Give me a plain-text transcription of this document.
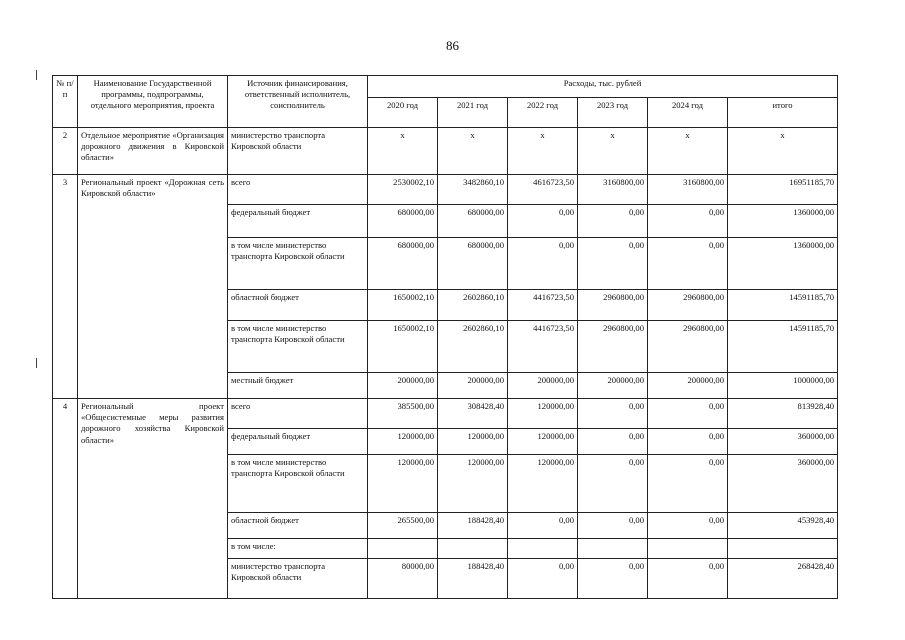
86
№ п/п	Наименование Государственной программы, подпрограммы, отдельного мероприятия, проекта	Источник финансирования, ответственный исполнитель, соисполнитель	Расходы, тыс. рублей					
			2020 год	2021 год	2022 год	2023 год	2024 год	итого
2	Отдельное мероприятие «Организация дорожного движения в Кировской области»	министерство транспорта Кировской области	х	х	х	х	х	х
3	Региональный проект «Дорожная сеть Кировской области»	всего	2530002,10	3482860,10	4616723,50	3160800,00	3160800,00	16951185,70
		федеральный бюджет	680000,00	680000,00	0,00	0,00	0,00	1360000,00
		в том числе министерство транспорта Кировской области	680000,00	680000,00	0,00	0,00	0,00	1360000,00
		областной бюджет	1650002,10	2602860,10	4416723,50	2960800,00	2960800,00	14591185,70
		в том числе министерство транспорта Кировской области	1650002,10	2602860,10	4416723,50	2960800,00	2960800,00	14591185,70
		местный бюджет	200000,00	200000,00	200000,00	200000,00	200000,00	1000000,00
4	Региональный проект «Общесистемные меры развития дорожного хозяйства Кировской области»	всего	385500,00	308428,40	120000,00	0,00	0,00	813928,40
		федеральный бюджет	120000,00	120000,00	120000,00	0,00	0,00	360000,00
		в том числе министерство транспорта Кировской области	120000,00	120000,00	120000,00	0,00	0,00	360000,00
		областной бюджет	265500,00	188428,40	0,00	0,00	0,00	453928,40
		в том числе:						
		министерство транспорта Кировской области	80000,00	188428,40	0,00	0,00	0,00	268428,40
